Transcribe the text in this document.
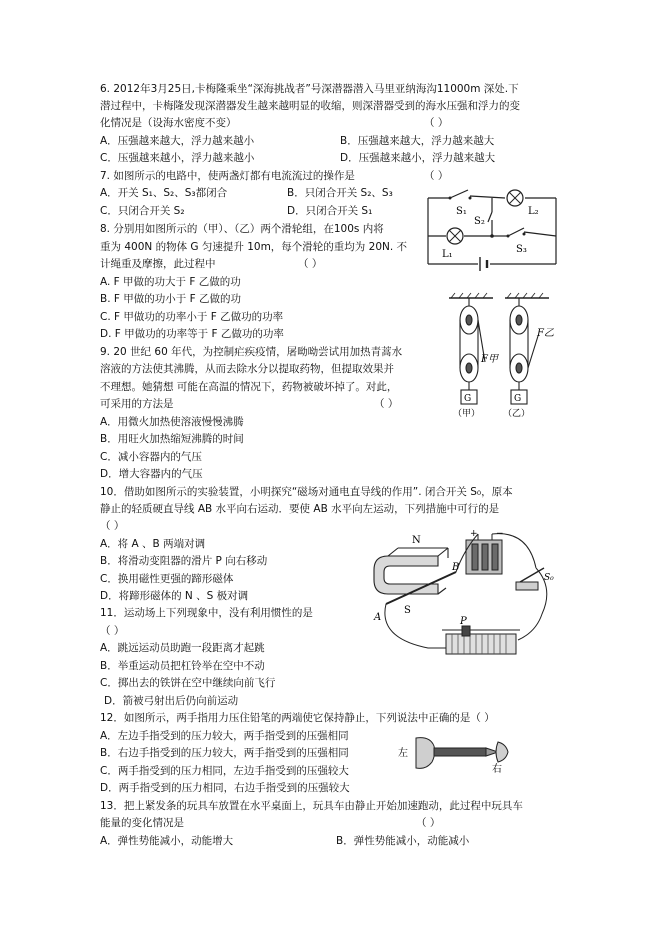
6. 2012年3月25日,卡梅隆乘坐“深海挑战者”号深潜器潜入马里亚纳海沟11000m 深处.下
潜过程中，卡梅隆发现深潜器发生越来越明显的收缩，则深潜器受到的海水压强和浮力的变
化情况是（设海水密度不变）	（ ）
A．压强越来越大，浮力越来越小	B．压强越来越大，浮力越来越大
C．压强越来越小，浮力越来越小	D．压强越来越小，浮力越来越大
7. 如图所示的电路中，使两盏灯都有电流流过的操作是	（ ）
A．开关 S₁、S₂、S₃都闭合	B．只闭合开关 S₂、S₃
C．只闭合开关 S₂	D．只闭合开关 S₁	S₁
S₂
S₃
L₁
L₂
8. 分别用如图所示的（甲）、（乙）两个滑轮组，在100s 内将
重为 400N 的物体 G 匀速提升 10m，每个滑轮的重均为 20N. 不
计绳重及摩擦，此过程中	（ ）
A. F 甲做的功大于 F 乙做的功
B. F 甲做的功小于 F 乙做的功
C. F 甲做功的功率小于 F 乙做功的功率
D. F 甲做功的功率等于 F 乙做功的功率
F甲
F乙
G	G
（甲）	（乙）
9. 20 世纪 60 年代，为控制疟疾疫情，屠呦呦尝试用加热青蒿水
溶液的方法使其沸腾，从而去除水分以提取药物，但提取效果并
不理想。她猜想 可能在高温的情况下，药物被破坏掉了。对此，
可采用的方法是	（ ）
A．用微火加热使溶液慢慢沸腾
B．用旺火加热缩短沸腾的时间
C．减小容器内的气压
D．增大容器内的气压
10．借助如图所示的实验装置，小明探究“磁场对通电直导线的作用”. 闭合开关 S₀，原本
静止的轻质硬直导线 AB 水平向右运动．要使 AB 水平向左运动，下列措施中可行的是
（ ）
A．将 A 、B 两端对调
B．将滑动变阻器的滑片 P 向右移动
C．换用磁性更强的蹄形磁体
D．将蹄形磁体的 N 、S 极对调
+ −
N
S
A
B
P
S₀
11．运动场上下列现象中，没有利用惯性的是
（ ）
A．跳远运动员助跑一段距离才起跳
B．举重运动员把杠铃举在空中不动
C．掷出去的铁饼在空中继续向前飞行
D．箭被弓射出后仍向前运动
12．如图所示，两手指用力压住铅笔的两端使它保持静止，下列说法中正确的是（ ）
A．左边手指受到的压力较大，两手指受到的压强相同
B．右边手指受到的压力较大，两手指受到的压强相同
C．两手指受到的压力相同，左边手指受到的压强较大
D．两手指受到的压力相同，右边手指受到的压强较大
左
右
13．把上紧发条的玩具车放置在水平桌面上，玩具车由静止开始加速跑动，此过程中玩具车
能量的变化情况是	（ ）
A．弹性势能减小，动能增大	B．弹性势能减小，动能减小
